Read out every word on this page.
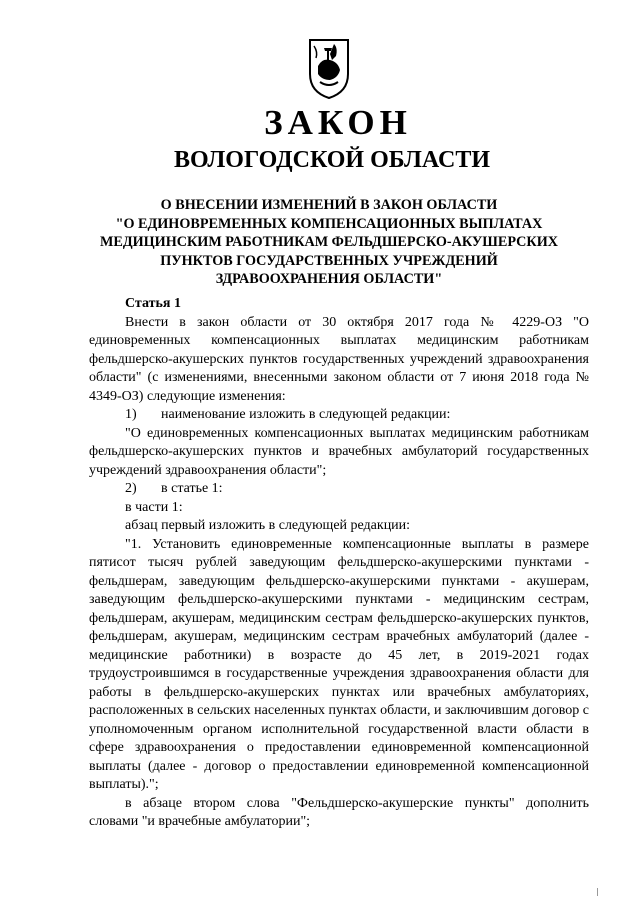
ЗАКОН
ВОЛОГОДСКОЙ ОБЛАСТИ
О ВНЕСЕНИИ ИЗМЕНЕНИЙ В ЗАКОН ОБЛАСТИ
"О ЕДИНОВРЕМЕННЫХ КОМПЕНСАЦИОННЫХ ВЫПЛАТАХ
МЕДИЦИНСКИМ РАБОТНИКАМ ФЕЛЬДШЕРСКО-АКУШЕРСКИХ
ПУНКТОВ ГОСУДАРСТВЕННЫХ УЧРЕЖДЕНИЙ
ЗДРАВООХРАНЕНИЯ ОБЛАСТИ"

Статья 1

Внести в закон области от 30 октября 2017 года № 4229-ОЗ "О единовременных компенсационных выплатах медицинским работникам фельдшерско-акушерских пунктов государственных учреждений здравоохранения области" (с изменениями, внесенными законом области от 7 июня 2018 года № 4349-ОЗ) следующие изменения:

1) наименование изложить в следующей редакции:

"О единовременных компенсационных выплатах медицинским работникам фельдшерско-акушерских пунктов и врачебных амбулаторий государственных учреждений здравоохранения области";

2) в статье 1:

в части 1:

абзац первый изложить в следующей редакции:

"1. Установить единовременные компенсационные выплаты в размере пятисот тысяч рублей заведующим фельдшерско-акушерскими пунктами - фельдшерам, заведующим фельдшерско-акушерскими пунктами - акушерам, заведующим фельдшерско-акушерскими пунктами - медицинским сестрам, фельдшерам, акушерам, медицинским сестрам фельдшерско-акушерских пунктов, фельдшерам, акушерам, медицинским сестрам врачебных амбулаторий (далее - медицинские работники) в возрасте до 45 лет, в 2019-2021 годах трудоустроившимся в государственные учреждения здравоохранения области для работы в фельдшерско-акушерских пунктах или врачебных амбулаториях, расположенных в сельских населенных пунктах области, и заключившим договор с уполномоченным органом исполнительной государственной власти области в сфере здравоохранения о предоставлении единовременной компенсационной выплаты (далее - договор о предоставлении единовременной компенсационной выплаты).";

в абзаце втором слова "Фельдшерско-акушерские пункты" дополнить словами "и врачебные амбулатории";
